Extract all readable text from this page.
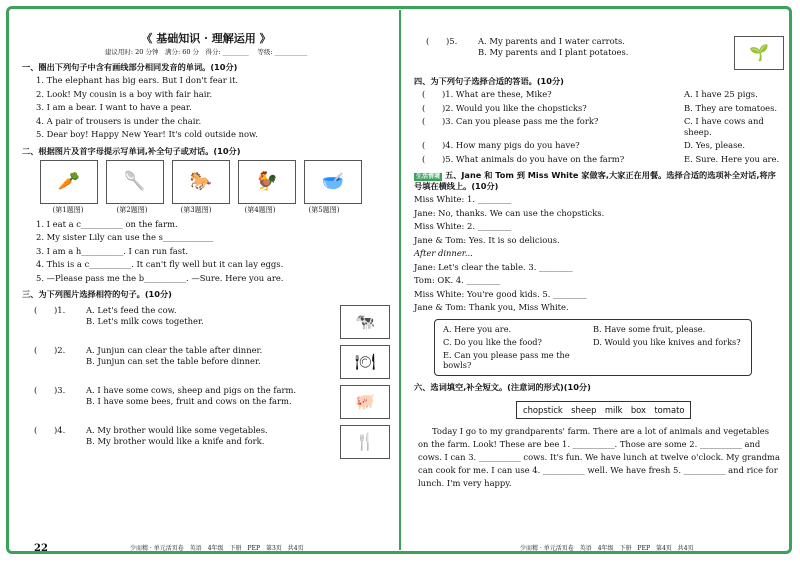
《 基础知识 · 理解运用 》
建议用时: 20 分钟　满分: 60 分　得分: ________　 等级: __________
一、圈出下列句子中含有画线部分相同发音的单词。(10分)
1. The elephant has big ears. But I don't fear it.
2. Look! My cousin is a boy with fair hair.
3. I am a bear. I want to have a pear.
4. A pair of trousers is under the chair.
5. Dear boy! Happy New Year! It's cold outside now.
二、根据图片及首字母提示写单词,补全句子或对话。(10分)
🥕	🥄	🐎	🐓	🥣
(第1题图)	(第2题图)	(第3题图)	(第4题图)	(第5题图)
1. I eat a c__________ on the farm.
2. My sister Lily can use the s____________
3. I am a h__________. I can run fast.
4. This is a c__________. It can't fly well but it can lay eggs.
5. —Please pass me the b__________. —Sure. Here you are.
三、为下列图片选择相符的句子。(10分)
(　　)1.	A. Let's feed the cow.
B. Let's milk cows together.	🐄
(　　)2.	A. Junjun can clear the table after dinner.
B. Junjun can set the table before dinner.	🍽
(　　)3.	A. I have some cows, sheep and pigs on the farm.
B. I have some bees, fruit and cows on the farm.	🐖
(　　)4.	A. My brother would like some vegetables.
B. My brother would like a knife and fork.	🍴
22	少而精 · 单元活页卷　英语　4年级　下册　PEP　第3页　共4页
(　　)5.	A. My parents and I water carrots.
B. My parents and I plant potatoes.	🌱
四、为下列句子选择合适的答语。(10分)
(　　)1. What are these, Mike?	A. I have 25 pigs.
(　　)2. Would you like the chopsticks?	B. They are tomatoes.
(　　)3. Can you please pass me the fork?	C. I have cows and sheep.
(　　)4. How many pigs do you have?	D. Yes, please.
(　　)5. What animals do you have on the farm?	E. Sure. Here you are.
生活情境 五、Jane 和 Tom 到 Miss White 家做客,大家正在用餐。选择合适的选项补全对话,将序号填在横线上。(10分)
Miss White: 1. ________
Jane: No, thanks. We can use the chopsticks.
Miss White: 2. ________
Jane & Tom: Yes. It is so delicious.
After dinner...
Jane: Let's clear the table. 3. ________
Tom: OK. 4. ________
Miss White: You're good kids. 5. ________
Jane & Tom: Thank you, Miss White.
A. Here you are.	B. Have some fruit, please.
C. Do you like the food?	D. Would you like knives and forks?
E. Can you please pass me the bowls?
六、选词填空,补全短文。(注意词的形式)(10分)
chopstick　sheep　milk　box　tomato
Today I go to my grandparents' farm. There are a lot of animals and vegetables on the farm. Look! These are bee 1. __________. Those are some 2. __________ and cows. I can 3. __________ cows. It's fun. We have lunch at twelve o'clock. My grandma can cook for me. I can use 4. __________ well. We have fresh 5. __________ and rice for lunch. I'm very happy.
少而精 · 单元活页卷　英语　4年级　下册　PEP　第4页　共4页
